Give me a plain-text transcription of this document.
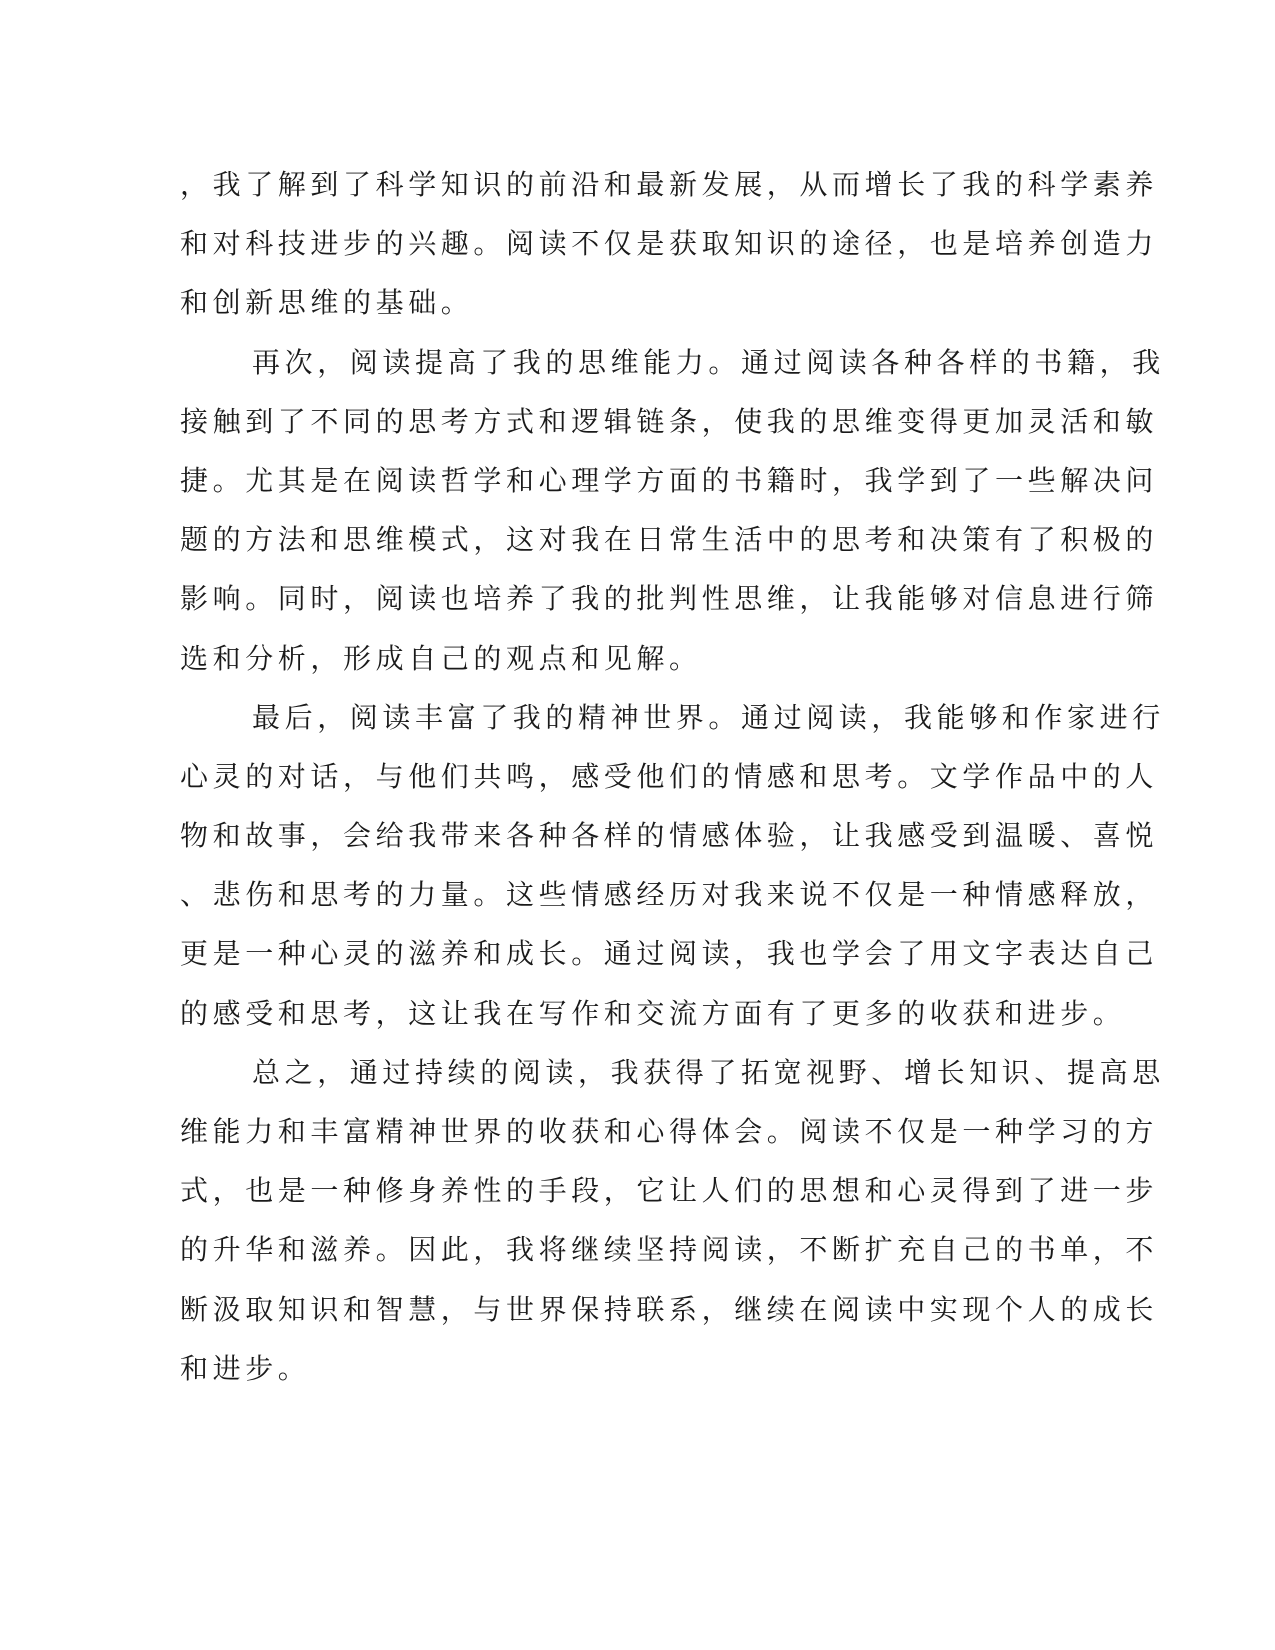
，我了解到了科学知识的前沿和最新发展，从而增长了我的科学素养
和对科技进步的兴趣。阅读不仅是获取知识的途径，也是培养创造力
和创新思维的基础。
再次，阅读提高了我的思维能力。通过阅读各种各样的书籍，我
接触到了不同的思考方式和逻辑链条，使我的思维变得更加灵活和敏
捷。尤其是在阅读哲学和心理学方面的书籍时，我学到了一些解决问
题的方法和思维模式，这对我在日常生活中的思考和决策有了积极的
影响。同时，阅读也培养了我的批判性思维，让我能够对信息进行筛
选和分析，形成自己的观点和见解。
最后，阅读丰富了我的精神世界。通过阅读，我能够和作家进行
心灵的对话，与他们共鸣，感受他们的情感和思考。文学作品中的人
物和故事，会给我带来各种各样的情感体验，让我感受到温暖、喜悦
、悲伤和思考的力量。这些情感经历对我来说不仅是一种情感释放，
更是一种心灵的滋养和成长。通过阅读，我也学会了用文字表达自己
的感受和思考，这让我在写作和交流方面有了更多的收获和进步。
总之，通过持续的阅读，我获得了拓宽视野、增长知识、提高思
维能力和丰富精神世界的收获和心得体会。阅读不仅是一种学习的方
式，也是一种修身养性的手段，它让人们的思想和心灵得到了进一步
的升华和滋养。因此，我将继续坚持阅读，不断扩充自己的书单，不
断汲取知识和智慧，与世界保持联系，继续在阅读中实现个人的成长
和进步。
